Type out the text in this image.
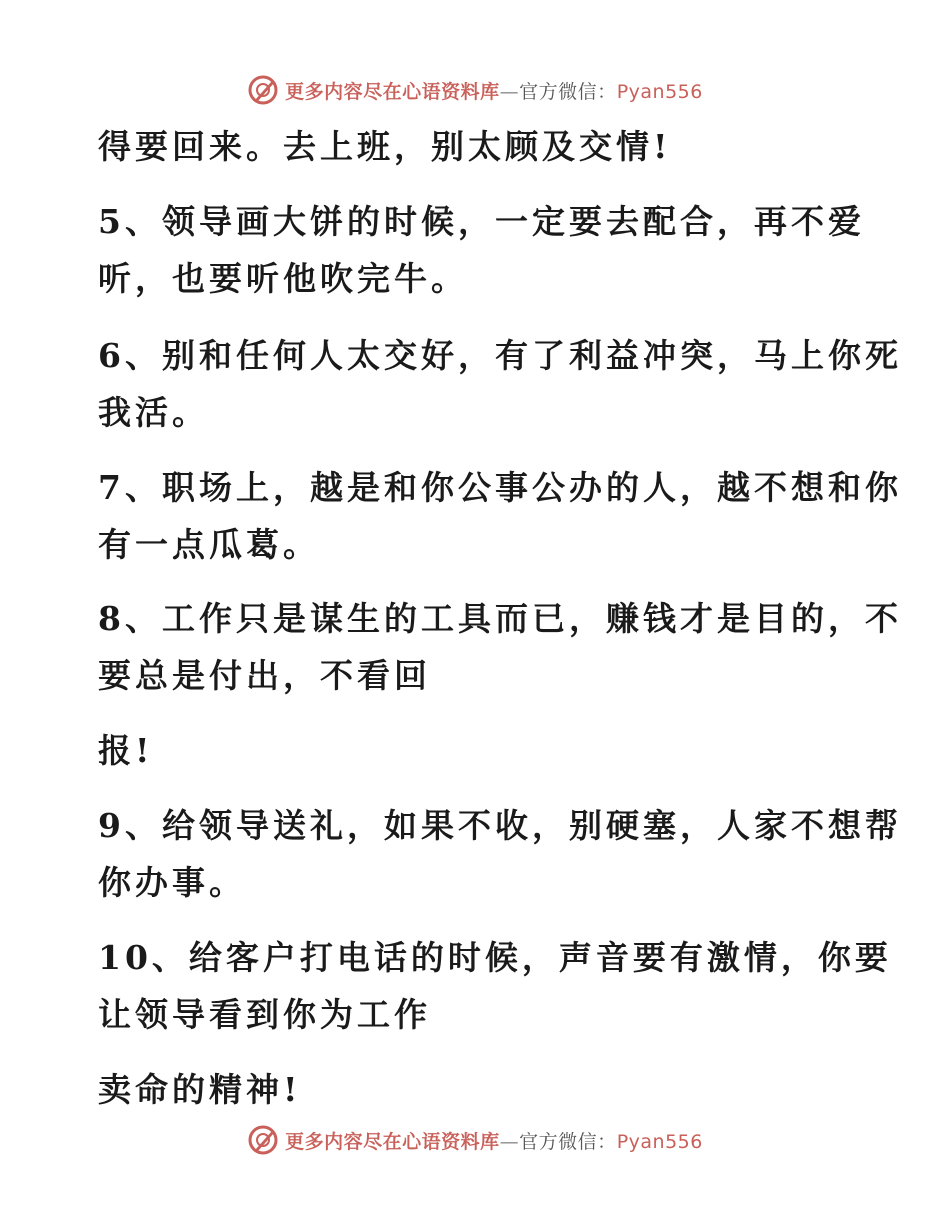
更多内容尽在心语资料库—官方微信：Pyan556
得要回来。去上班，别太顾及交情!
5、领导画大饼的时候，一定要去配合，再不爱
听，也要听他吹完牛。
6、别和任何人太交好，有了利益冲突，马上你死
我活。
7、职场上，越是和你公事公办的人，越不想和你
有一点瓜葛。
8、工作只是谋生的工具而已，赚钱才是目的，不
要总是付出，不看回
报!
9、给领导送礼，如果不收，别硬塞，人家不想帮
你办事。
10、给客户打电话的时候，声音要有激情，你要
让领导看到你为工作
卖命的精神!
更多内容尽在心语资料库—官方微信：Pyan556
